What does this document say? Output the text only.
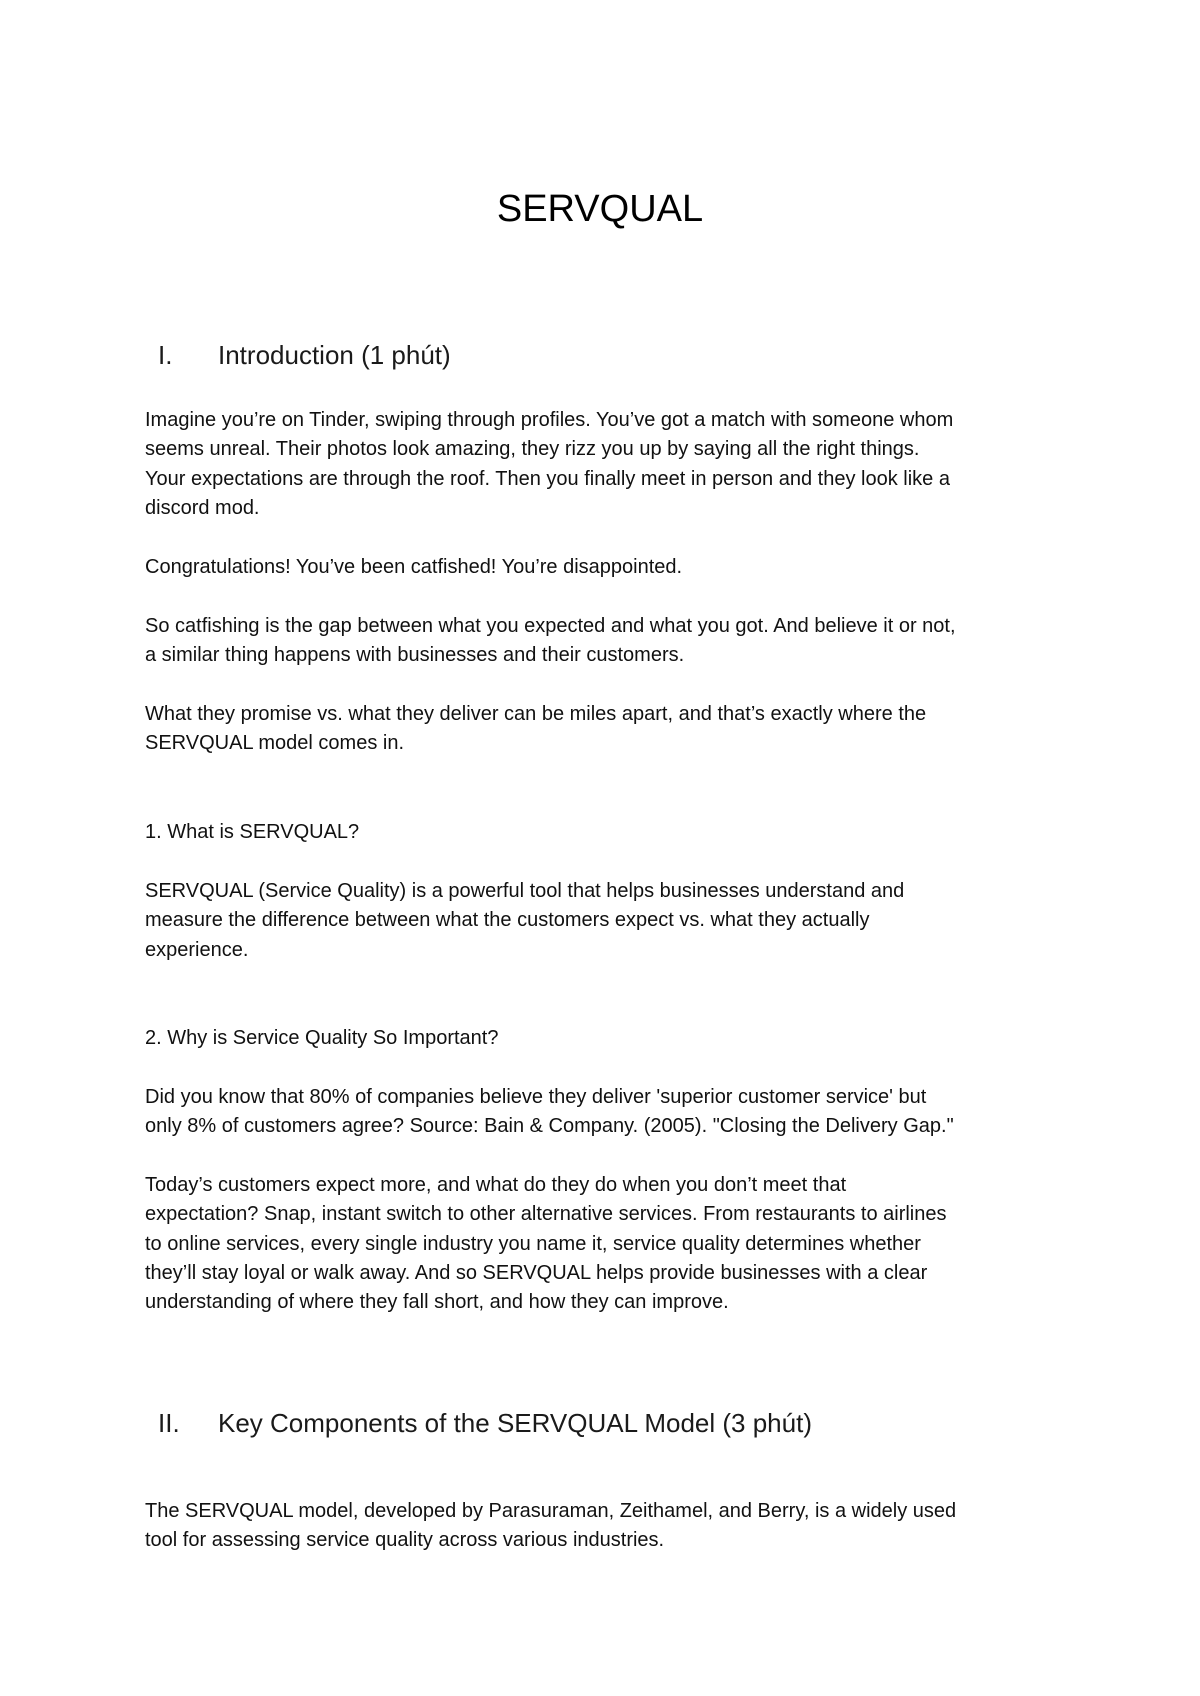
SERVQUAL
I. Introduction (1 phút)

Imagine you’re on Tinder, swiping through profiles. You’ve got a match with someone whom
seems unreal. Their photos look amazing, they rizz you up by saying all the right things.
Your expectations are through the roof. Then you finally meet in person and they look like a
discord mod.

Congratulations! You’ve been catfished! You’re disappointed.

So catfishing is the gap between what you expected and what you got. And believe it or not,
a similar thing happens with businesses and their customers.

What they promise vs. what they deliver can be miles apart, and that’s exactly where the
SERVQUAL model comes in.

1. What is SERVQUAL?

SERVQUAL (Service Quality) is a powerful tool that helps businesses understand and
measure the difference between what the customers expect vs. what they actually
experience.

2. Why is Service Quality So Important?

Did you know that 80% of companies believe they deliver 'superior customer service' but
only 8% of customers agree? Source: Bain & Company. (2005). "Closing the Delivery Gap."

Today’s customers expect more, and what do they do when you don’t meet that
expectation? Snap, instant switch to other alternative services. From restaurants to airlines
to online services, every single industry you name it, service quality determines whether
they’ll stay loyal or walk away. And so SERVQUAL helps provide businesses with a clear
understanding of where they fall short, and how they can improve.

II. Key Components of the SERVQUAL Model (3 phút)

The SERVQUAL model, developed by Parasuraman, Zeithamel, and Berry, is a widely used
tool for assessing service quality across various industries.
